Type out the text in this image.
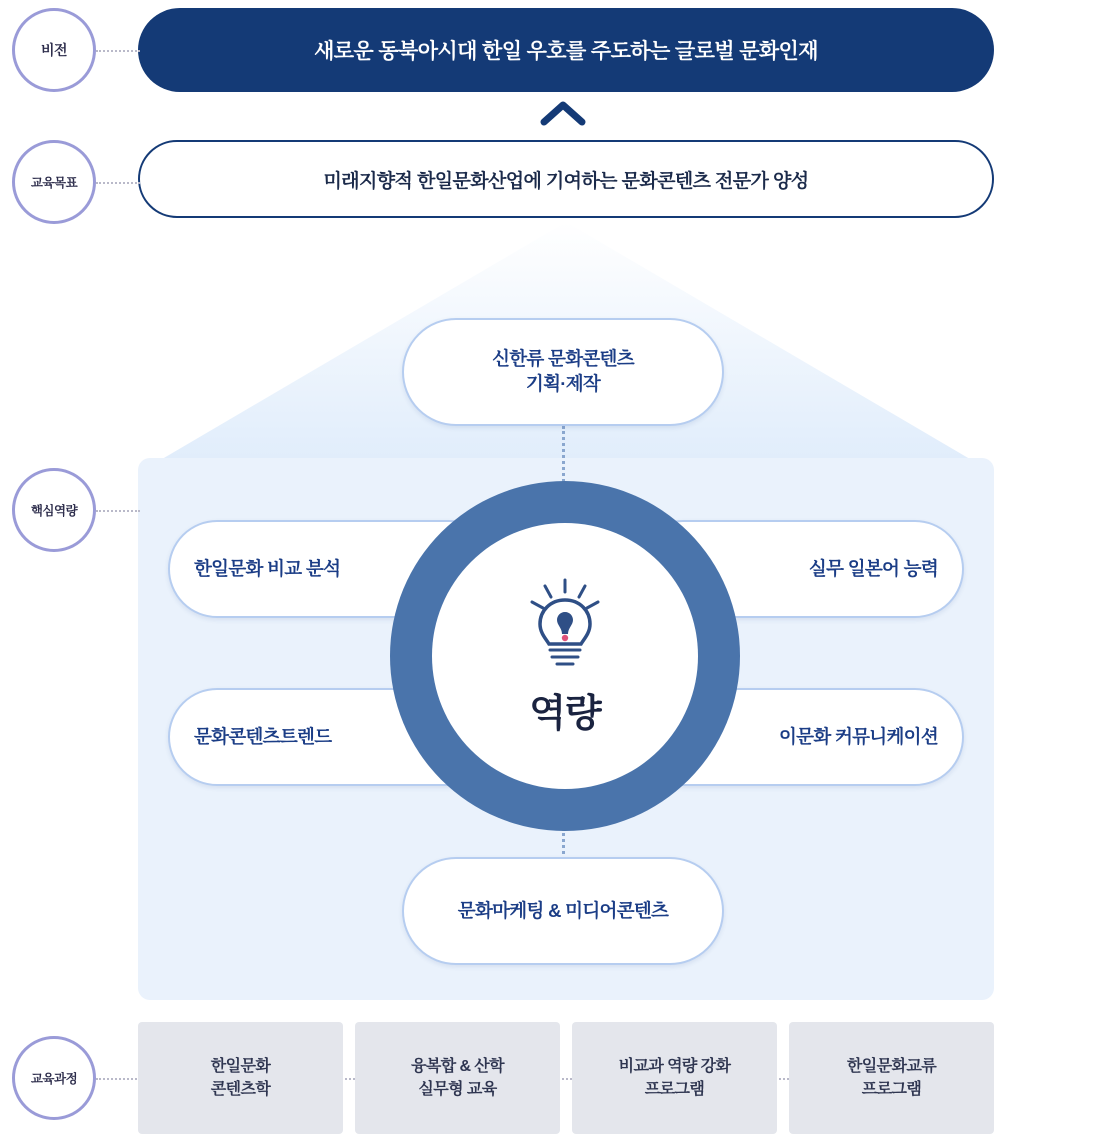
비전	새로운 동북아시대 한일 우호를 주도하는 글로벌 문화인재
교육목표	미래지향적 한일문화산업에 기여하는 문화콘텐츠 전문가 양성
핵심역량
신한류 문화콘텐츠
기획·제작
한일문화 비교 분석
문화콘텐츠트렌드
실무 일본어 능력
이문화 커뮤니케이션
문화마케팅 & 미디어콘텐츠
역량
교육과정
한일문화
콘텐츠학
융복합 & 산학
실무형 교육
비교과 역량 강화
프로그램
한일문화교류
프로그램
